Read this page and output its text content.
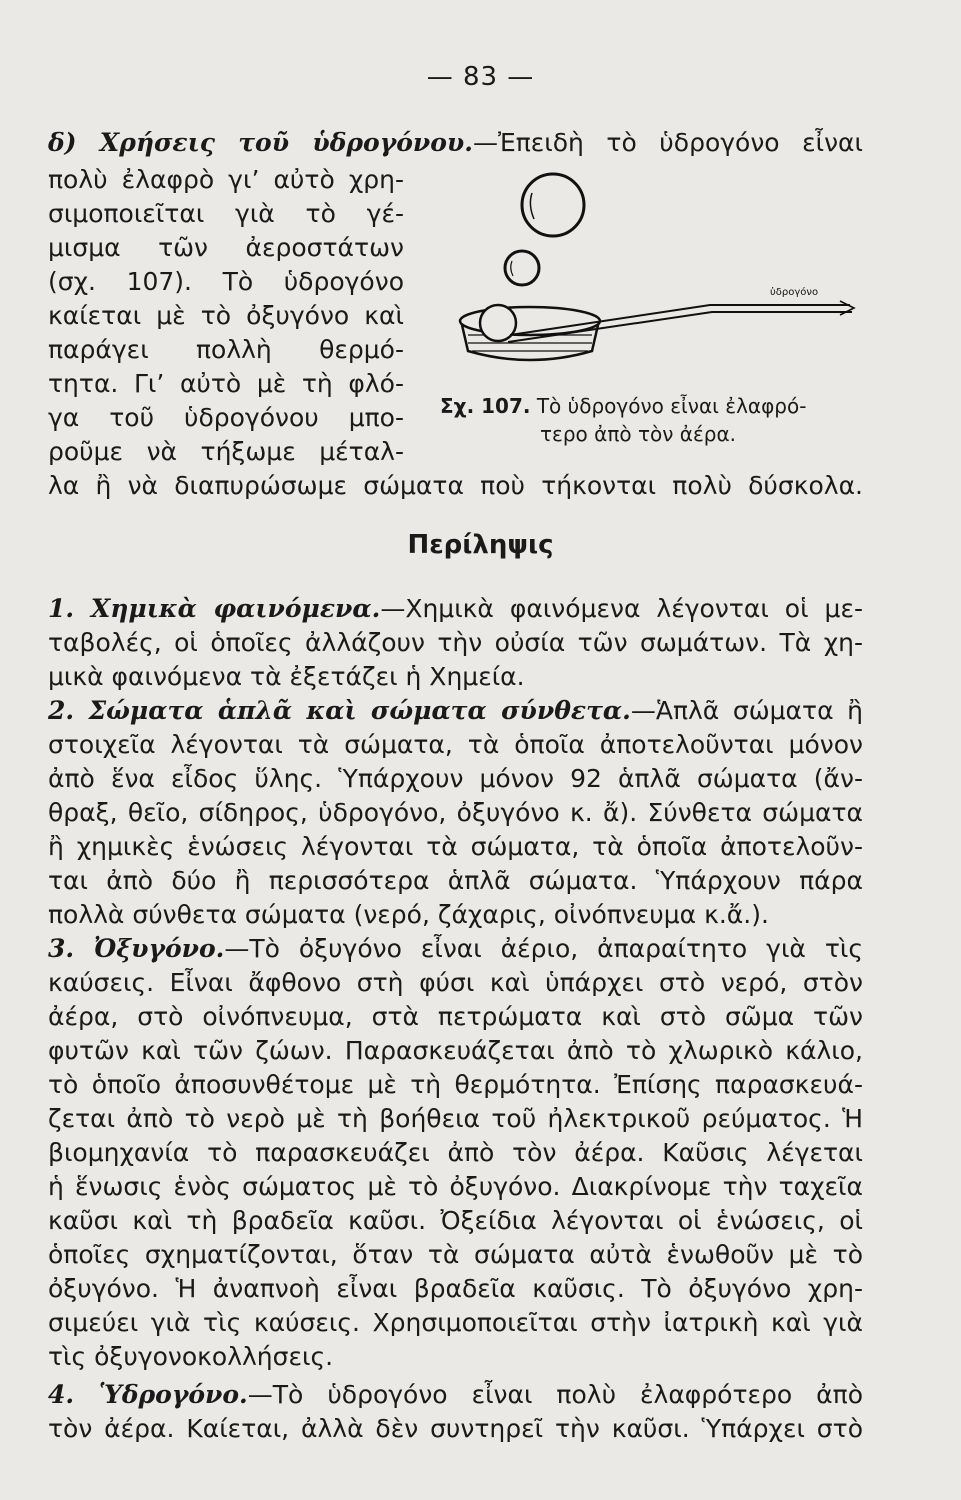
— 83 —
δ) Χρήσεις τοῦ ὑδρογόνου.—Ἐπειδὴ τὸ ὑδρογόνο εἶναι
πολὺ ἐλαφρὸ γι’ αὐτὸ χρη-
σιμοποιεῖται γιὰ τὸ γέ-
μισμα τῶν ἀεροστάτων
(σχ. 107). Τὸ ὑδρογόνο
καίεται μὲ τὸ ὀξυγόνο καὶ
παράγει πολλὴ θερμό-
τητα. Γι’ αὐτὸ μὲ τὴ φλό-
γα τοῦ ὑδρογόνου μπο-
ροῦμε νὰ τήξωμε μέταλ-
λα ἢ νὰ διαπυρώσωμε σώματα ποὺ τήκονται πολὺ δύσκολα.
ὑδρογόνο
Σχ. 107. Τὸ ὑδρογόνο εἶναι ἐλαφρό-
τερο ἀπὸ τὸν ἀέρα.
Περίληψις
1. Χημικὰ φαινόμενα.—Χημικὰ φαινόμενα λέγονται οἱ με-
ταβολές, οἱ ὁποῖες ἀλλάζουν τὴν οὐσία τῶν σωμάτων. Τὰ χη-
μικὰ φαινόμενα τὰ ἐξετάζει ἡ Χημεία.
2. Σώματα ἁπλᾶ καὶ σώματα σύνθετα.—Ἁπλᾶ σώματα ἢ
στοιχεῖα λέγονται τὰ σώματα, τὰ ὁποῖα ἀποτελοῦνται μόνον
ἀπὸ ἕνα εἶδος ὕλης. Ὑπάρχουν μόνον 92 ἁπλᾶ σώματα (ἄν-
θραξ, θεῖο, σίδηρος, ὑδρογόνο, ὀξυγόνο κ. ἄ). Σύνθετα σώματα
ἢ χημικὲς ἑνώσεις λέγονται τὰ σώματα, τὰ ὁποῖα ἀποτελοῦν-
ται ἀπὸ δύο ἢ περισσότερα ἁπλᾶ σώματα. Ὑπάρχουν πάρα
πολλὰ σύνθετα σώματα (νερό, ζάχαρις, οἰνόπνευμα κ.ἄ.).
3. Ὀξυγόνο.—Τὸ ὀξυγόνο εἶναι ἀέριο, ἀπαραίτητο γιὰ τὶς
καύσεις. Εἶναι ἄφθονο στὴ φύσι καὶ ὑπάρχει στὸ νερό, στὸν
ἀέρα, στὸ οἰνόπνευμα, στὰ πετρώματα καὶ στὸ σῶμα τῶν
φυτῶν καὶ τῶν ζώων. Παρασκευάζεται ἀπὸ τὸ χλωρικὸ κάλιο,
τὸ ὁποῖο ἀποσυνθέτομε μὲ τὴ θερμότητα. Ἐπίσης παρασκευά-
ζεται ἀπὸ τὸ νερὸ μὲ τὴ βοήθεια τοῦ ἠλεκτρικοῦ ρεύματος. Ἡ
βιομηχανία τὸ παρασκευάζει ἀπὸ τὸν ἀέρα. Καῦσις λέγεται
ἡ ἕνωσις ἑνὸς σώματος μὲ τὸ ὀξυγόνο. Διακρίνομε τὴν ταχεῖα
καῦσι καὶ τὴ βραδεῖα καῦσι. Ὀξείδια λέγονται οἱ ἑνώσεις, οἱ
ὁποῖες σχηματίζονται, ὅταν τὰ σώματα αὐτὰ ἑνωθοῦν μὲ τὸ
ὀξυγόνο. Ἡ ἀναπνοὴ εἶναι βραδεῖα καῦσις. Τὸ ὀξυγόνο χρη-
σιμεύει γιὰ τὶς καύσεις. Χρησιμοποιεῖται στὴν ἰατρικὴ καὶ γιὰ
τὶς ὀξυγονοκολλήσεις.
4. Ὑδρογόνο.—Τὸ ὑδρογόνο εἶναι πολὺ ἐλαφρότερο ἀπὸ
τὸν ἀέρα. Καίεται, ἀλλὰ δὲν συντηρεῖ τὴν καῦσι. Ὑπάρχει στὸ
